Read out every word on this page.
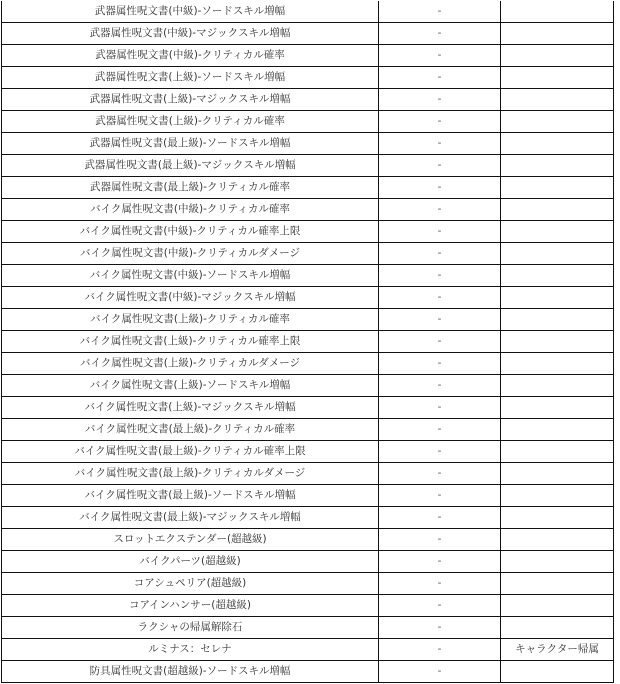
武器属性呪文書(中級)-ソードスキル増幅	-	
武器属性呪文書(中級)-マジックスキル増幅	-	
武器属性呪文書(中級)-クリティカル確率	-	
武器属性呪文書(上級)-ソードスキル増幅	-	
武器属性呪文書(上級)-マジックスキル増幅	-	
武器属性呪文書(上級)-クリティカル確率	-	
武器属性呪文書(最上級)-ソードスキル増幅	-	
武器属性呪文書(最上級)-マジックスキル増幅	-	
武器属性呪文書(最上級)-クリティカル確率	-	
バイク属性呪文書(中級)-クリティカル確率	-	
バイク属性呪文書(中級)-クリティカル確率上限	-	
バイク属性呪文書(中級)-クリティカルダメージ	-	
バイク属性呪文書(中級)-ソードスキル増幅	-	
バイク属性呪文書(中級)-マジックスキル増幅	-	
バイク属性呪文書(上級)-クリティカル確率	-	
バイク属性呪文書(上級)-クリティカル確率上限	-	
バイク属性呪文書(上級)-クリティカルダメージ	-	
バイク属性呪文書(上級)-ソードスキル増幅	-	
バイク属性呪文書(上級)-マジックスキル増幅	-	
バイク属性呪文書(最上級)-クリティカル確率	-	
バイク属性呪文書(最上級)-クリティカル確率上限	-	
バイク属性呪文書(最上級)-クリティカルダメージ	-	
バイク属性呪文書(最上級)-ソードスキル増幅	-	
バイク属性呪文書(最上級)-マジックスキル増幅	-	
スロットエクステンダー(超越級)	-	
バイクパーツ(超越級)	-	
コアシュペリア(超越級)	-	
コアインハンサー(超越級)	-	
ラクシャの帰属解除石	-	
ルミナス：セレナ	-	キャラクター帰属
防具属性呪文書(超越級)-ソードスキル増幅	-	
